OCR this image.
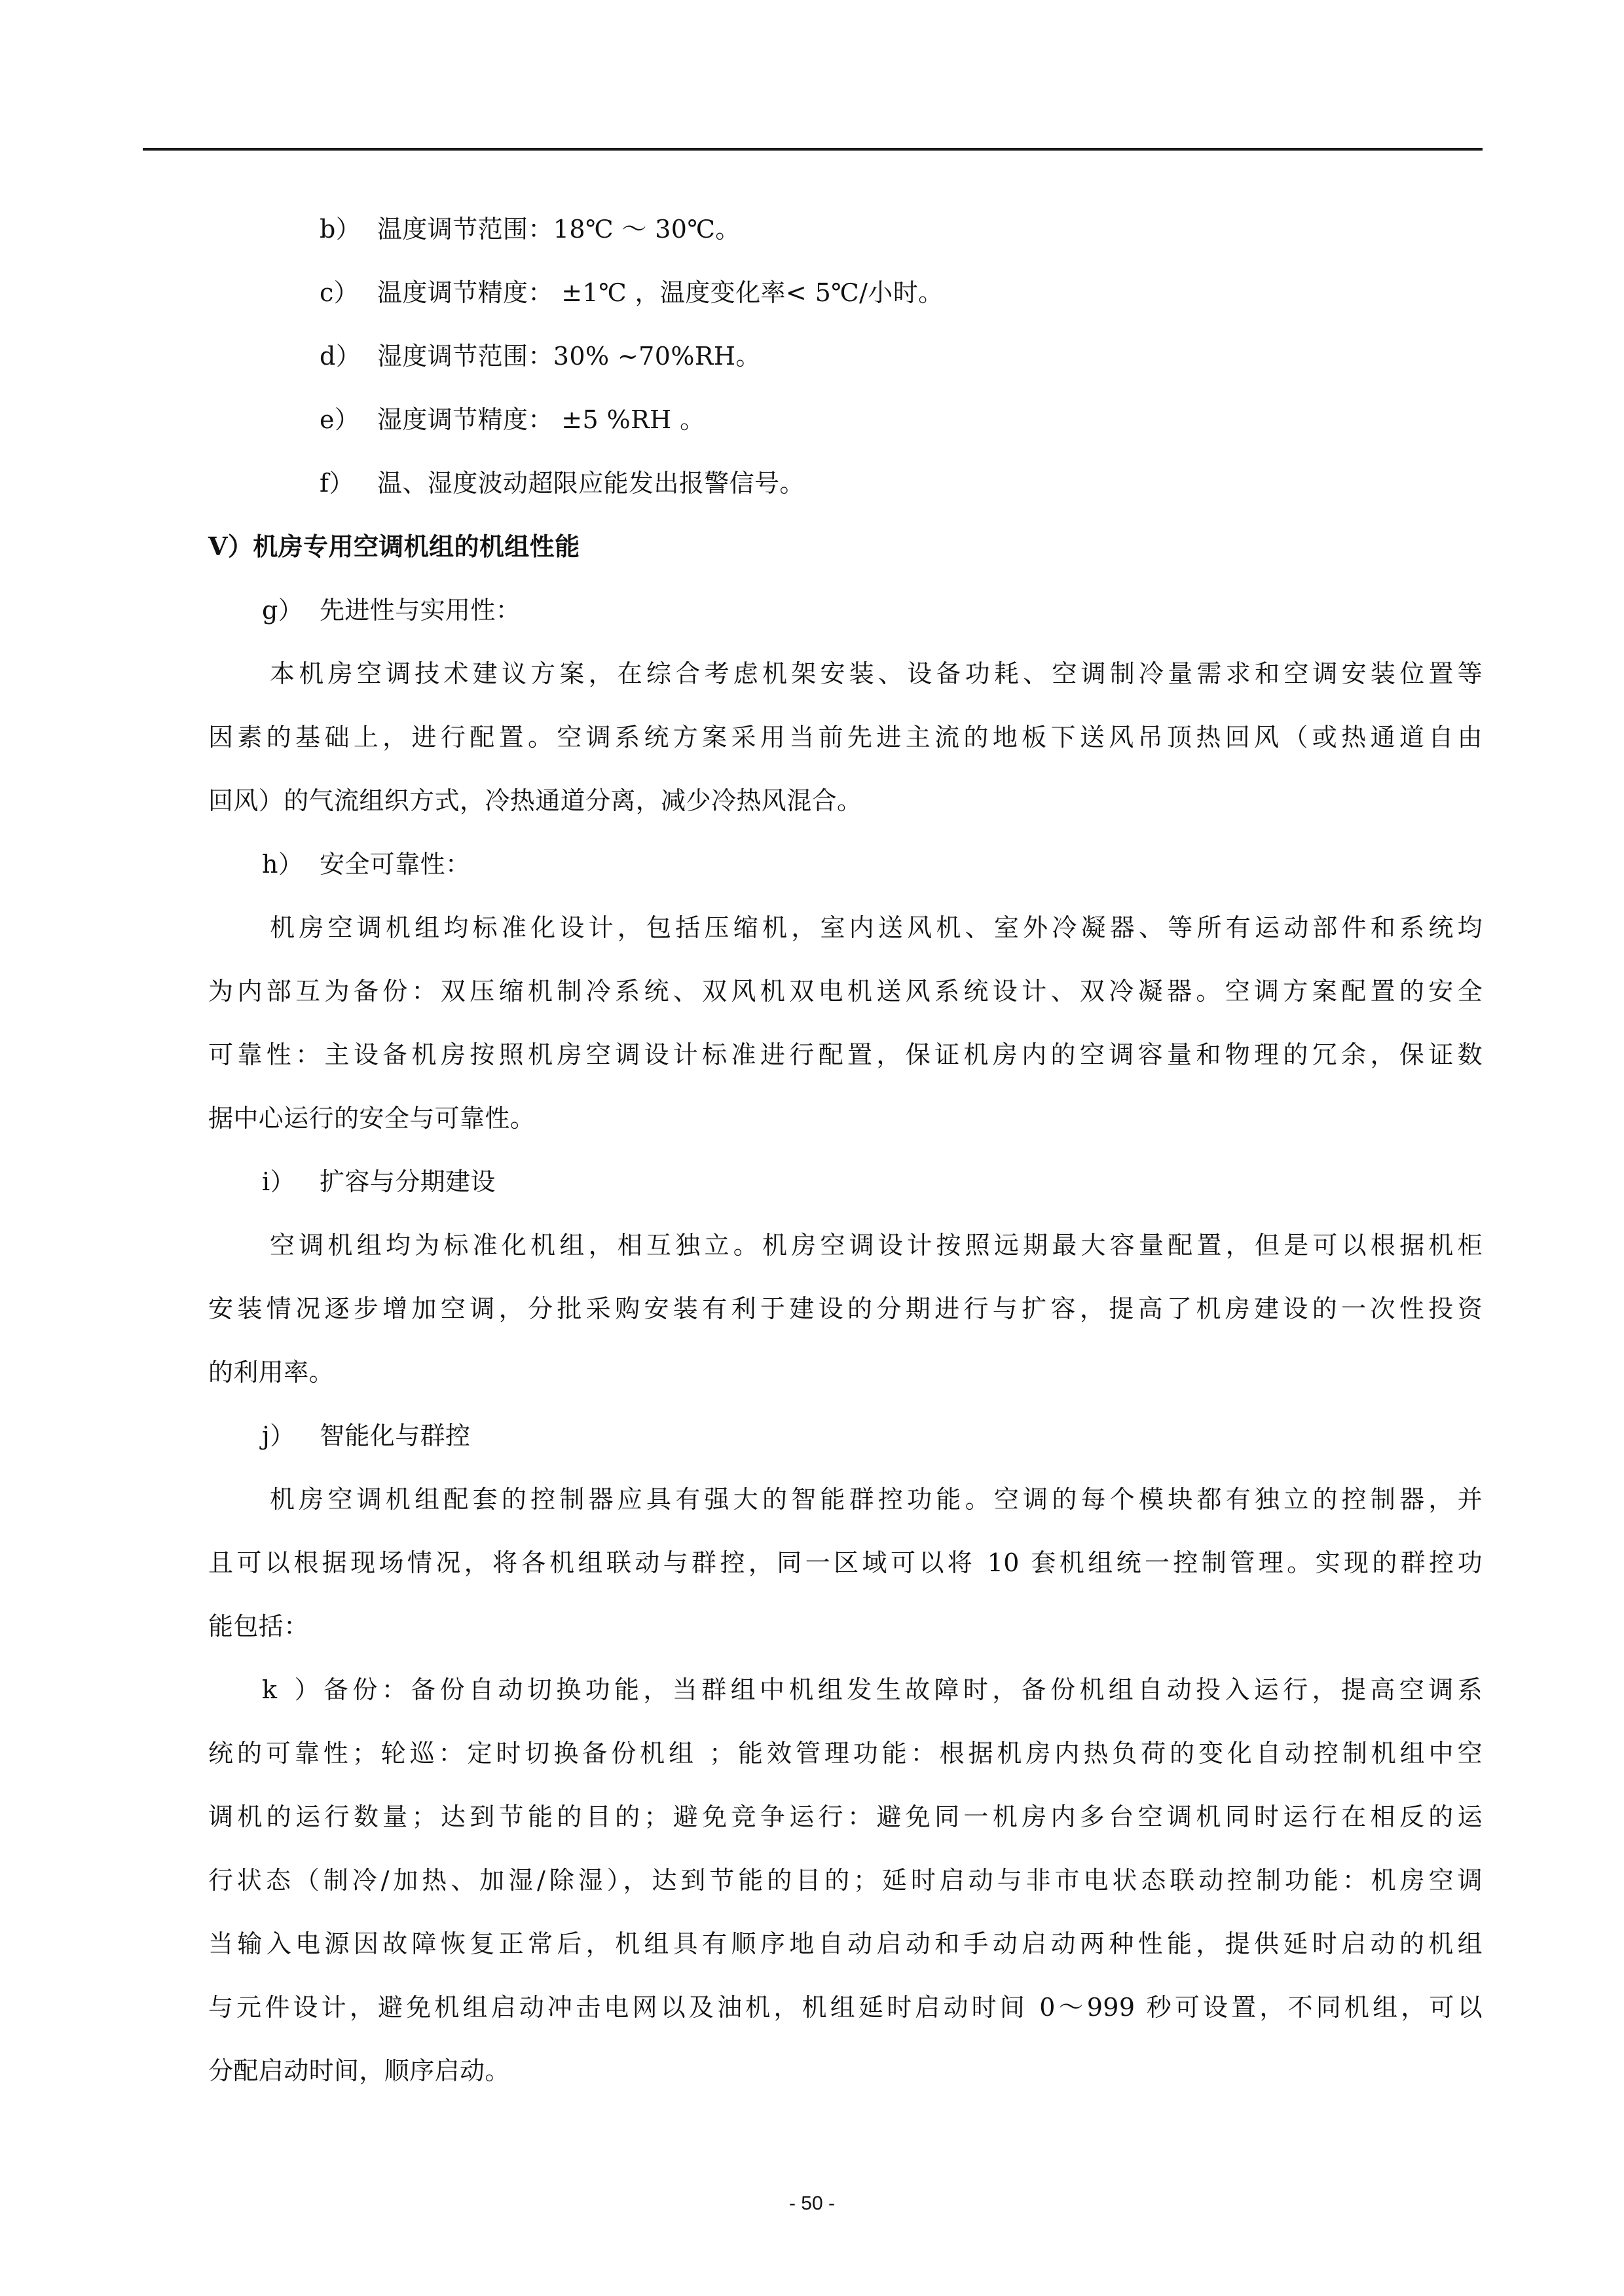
b） 温度调节范围：18℃ ～ 30℃。
c） 温度调节精度： ±1℃ ，温度变化率< 5℃/小时。
d） 湿度调节范围：30% ~70%RH。
e） 湿度调节精度： ±5 %RH 。
f） 温、湿度波动超限应能发出报警信号。
V）机房专用空调机组的机组性能
g） 先进性与实用性：
本机房空调技术建议方案，在综合考虑机架安装、设备功耗、空调制冷量需求和空调安装位置等
因素的基础上，进行配置。空调系统方案采用当前先进主流的地板下送风吊顶热回风（或热通道自由
回风）的气流组织方式，冷热通道分离，减少冷热风混合。
h） 安全可靠性：
机房空调机组均标准化设计，包括压缩机，室内送风机、室外冷凝器、等所有运动部件和系统均
为内部互为备份：双压缩机制冷系统、双风机双电机送风系统设计、双冷凝器。空调方案配置的安全
可靠性：主设备机房按照机房空调设计标准进行配置，保证机房内的空调容量和物理的冗余，保证数
据中心运行的安全与可靠性。
i） 扩容与分期建设
空调机组均为标准化机组，相互独立。机房空调设计按照远期最大容量配置，但是可以根据机柜
安装情况逐步增加空调，分批采购安装有利于建设的分期进行与扩容，提高了机房建设的一次性投资
的利用率。
j） 智能化与群控
机房空调机组配套的控制器应具有强大的智能群控功能。空调的每个模块都有独立的控制器，并
且可以根据现场情况，将各机组联动与群控，同一区域可以将 10 套机组统一控制管理。实现的群控功
能包括：
k）备份：备份自动切换功能，当群组中机组发生故障时，备份机组自动投入运行，提高空调系
统的可靠性；轮巡：定时切换备份机组 ；能效管理功能：根据机房内热负荷的变化自动控制机组中空
调机的运行数量；达到节能的目的；避免竞争运行：避免同一机房内多台空调机同时运行在相反的运
行状态（制冷/加热、加湿/除湿），达到节能的目的；延时启动与非市电状态联动控制功能：机房空调
当输入电源因故障恢复正常后，机组具有顺序地自动启动和手动启动两种性能，提供延时启动的机组
与元件设计，避免机组启动冲击电网以及油机，机组延时启动时间 0～999 秒可设置，不同机组，可以
分配启动时间，顺序启动。
- 50 -
